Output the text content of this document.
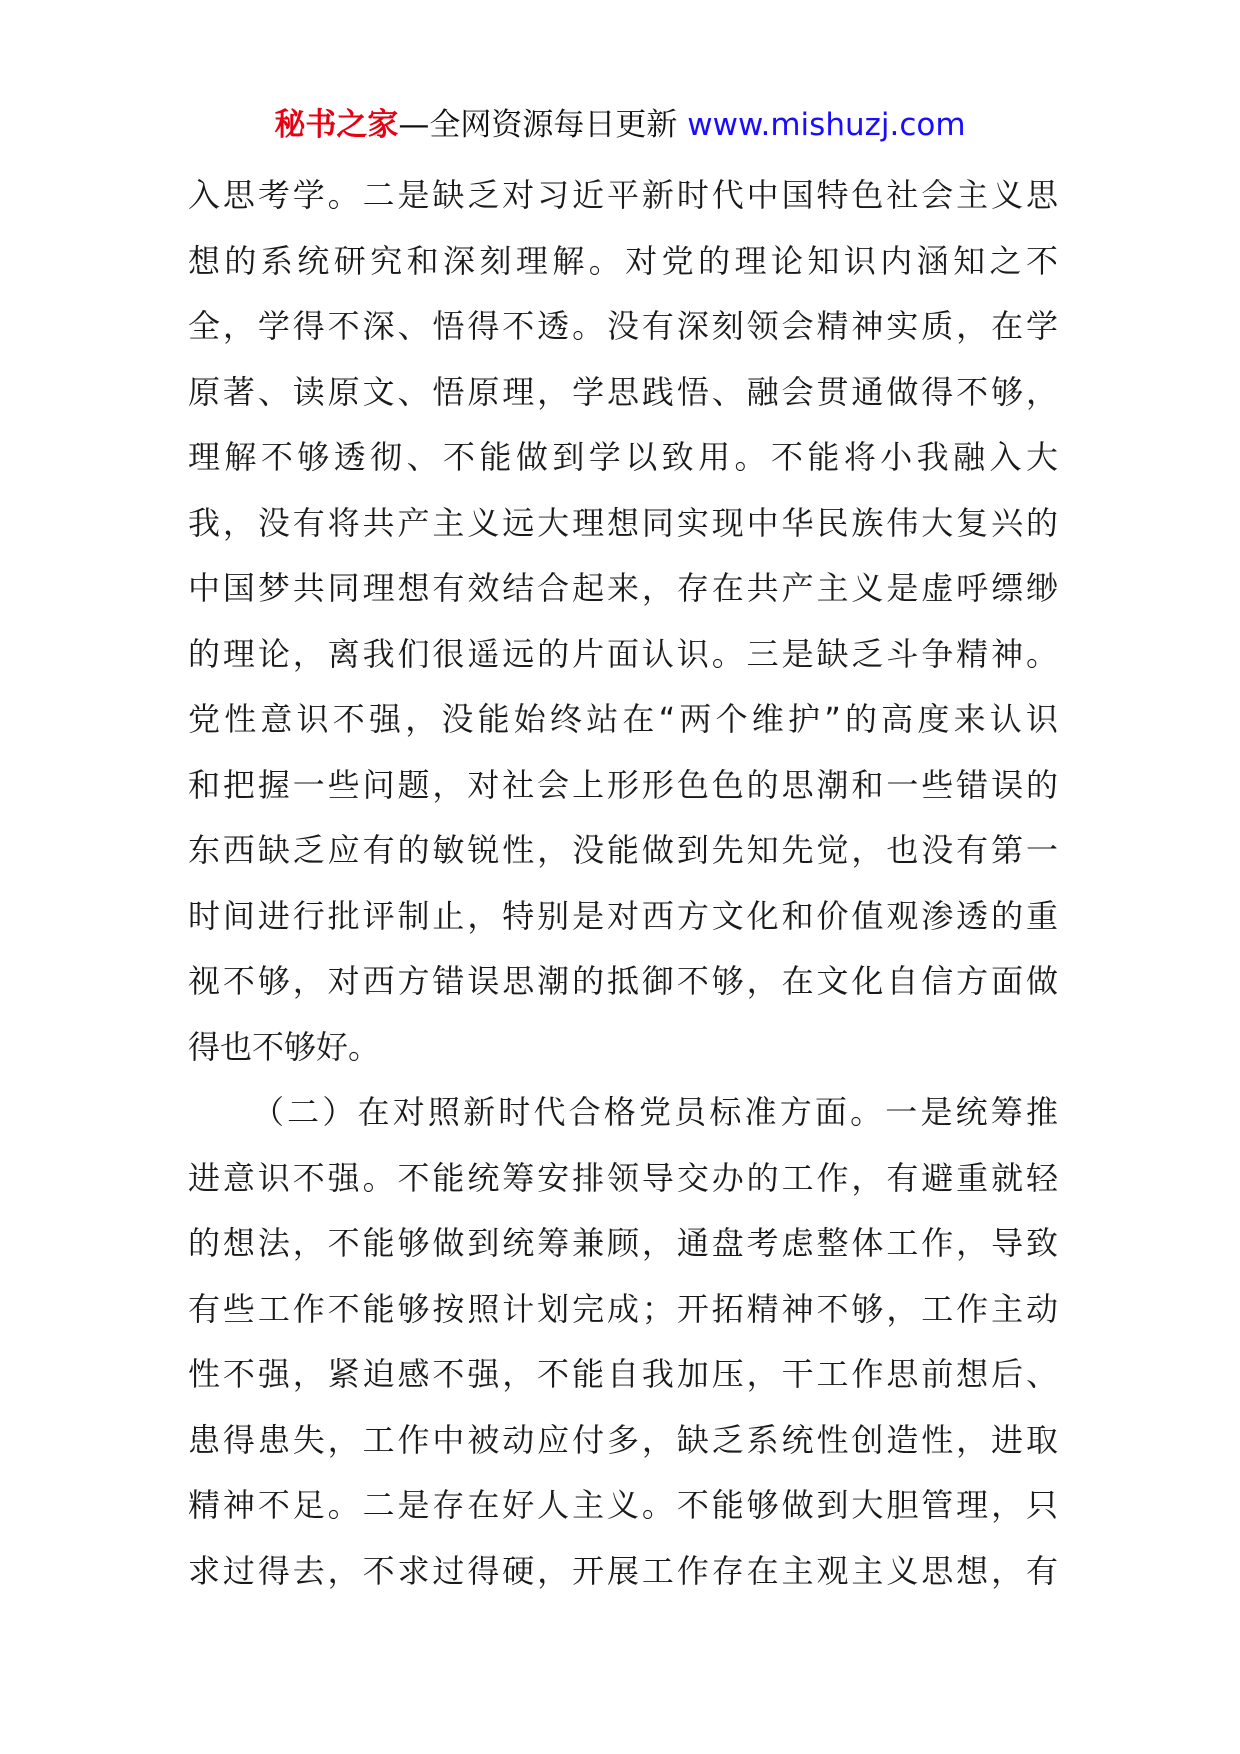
秘书之家—全网资源每日更新 www.mishuzj.com
入思考学。二是缺乏对习近平新时代中国特色社会主义思
想的系统研究和深刻理解。对党的理论知识内涵知之不
全，学得不深、悟得不透。没有深刻领会精神实质，在学
原著、读原文、悟原理，学思践悟、融会贯通做得不够，
理解不够透彻、不能做到学以致用。不能将小我融入大
我，没有将共产主义远大理想同实现中华民族伟大复兴的
中国梦共同理想有效结合起来，存在共产主义是虚呼缥缈
的理论，离我们很遥远的片面认识。三是缺乏斗争精神。
党性意识不强，没能始终站在“两个维护”的高度来认识
和把握一些问题，对社会上形形色色的思潮和一些错误的
东西缺乏应有的敏锐性，没能做到先知先觉，也没有第一
时间进行批评制止，特别是对西方文化和价值观渗透的重
视不够，对西方错误思潮的抵御不够，在文化自信方面做
得也不够好。
（二）在对照新时代合格党员标准方面。一是统筹推
进意识不强。不能统筹安排领导交办的工作，有避重就轻
的想法，不能够做到统筹兼顾，通盘考虑整体工作，导致
有些工作不能够按照计划完成；开拓精神不够，工作主动
性不强，紧迫感不强，不能自我加压，干工作思前想后、
患得患失，工作中被动应付多，缺乏系统性创造性，进取
精神不足。二是存在好人主义。不能够做到大胆管理，只
求过得去，不求过得硬，开展工作存在主观主义思想，有
